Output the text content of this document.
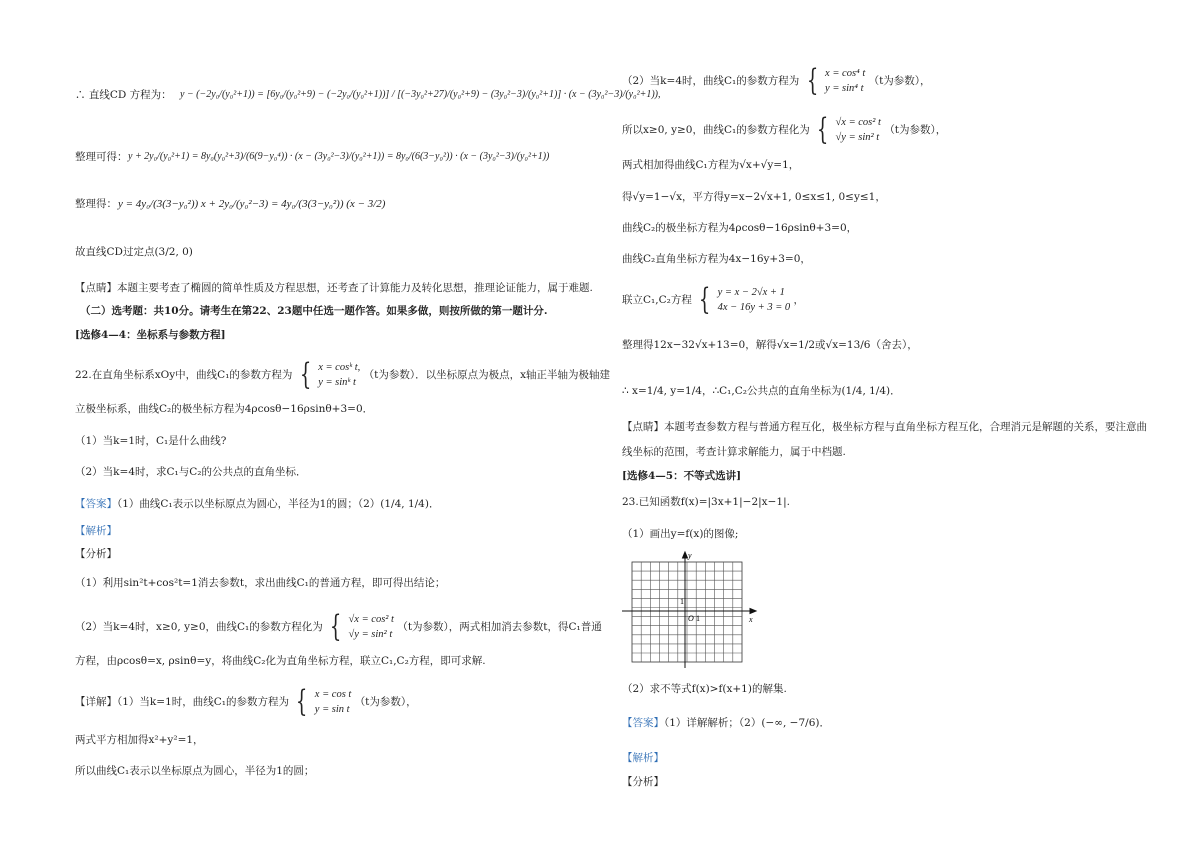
∴ 直线CD 方程为： y − (−2y₀/(y₀²+1)) = [6y₀/(y₀²+9) − (−2y₀/(y₀²+1))] / [(−3y₀²+27)/(y₀²+9) − (3y₀²−3)/(y₀²+1)] · (x − (3y₀²−3)/(y₀²+1)),
整理可得： y + 2y₀/(y₀²+1) = 8y₀(y₀²+3)/(6(9−y₀⁴)) · (x − (3y₀²−3)/(y₀²+1)) = 8y₀/(6(3−y₀²)) · (x − (3y₀²−3)/(y₀²+1))
整理得： y = 4y₀/(3(3−y₀²)) x + 2y₀/(y₀²−3) = 4y₀/(3(3−y₀²)) (x − 3/2)
故直线CD过定点(3/2, 0)
【点睛】本题主要考查了椭圆的简单性质及方程思想，还考查了计算能力及转化思想，推理论证能力，属于难题.
（二）选考题：共10分。请考生在第22、23题中任选一题作答。如果多做，则按所做的第一题计分.
[选修4—4：坐标系与参数方程]
22.在直角坐标系xOy中，曲线C₁的参数方程为 { x = cosᵏ t,
y = sinᵏ t
（t为参数）．以坐标原点为极点，x轴正半轴为极轴建
立极坐标系，曲线C₂的极坐标方程为4ρcosθ−16ρsinθ+3=0．
（1）当k=1时，C₁是什么曲线?
（2）当k=4时，求C₁与C₂的公共点的直角坐标．
【答案】（1）曲线C₁表示以坐标原点为圆心，半径为1的圆；（2）(1/4, 1/4)．
【解析】
【分析】
（1）利用sin²t+cos²t=1消去参数t，求出曲线C₁的普通方程，即可得出结论；
（2）当k=4时，x≥0, y≥0，曲线C₁的参数方程化为 { √x = cos² t
√y = sin² t
（t为参数），两式相加消去参数t，得C₁普通
方程，由ρcosθ=x, ρsinθ=y，将曲线C₂化为直角坐标方程，联立C₁,C₂方程，即可求解.
【详解】（1）当k=1时，曲线C₁的参数方程为 { x = cos t
y = sin t
（t为参数），
两式平方相加得x²+y²=1，
所以曲线C₁表示以坐标原点为圆心，半径为1的圆；
（2）当k=4时，曲线C₁的参数方程为 { x = cos⁴ t
y = sin⁴ t
（t为参数），
所以x≥0, y≥0，曲线C₁的参数方程化为 { √x = cos² t
√y = sin² t
（t为参数），
两式相加得曲线C₁方程为√x+√y=1，
得√y=1−√x，平方得y=x−2√x+1, 0≤x≤1, 0≤y≤1，
曲线C₂的极坐标方程为4ρcosθ−16ρsinθ+3=0，
曲线C₂直角坐标方程为4x−16y+3=0，
联立C₁,C₂方程 { y = x − 2√x + 1
4x − 16y + 3 = 0
，
整理得12x−32√x+13=0，解得√x=1/2或√x=13/6（舍去），
∴ x=1/4, y=1/4，∴C₁,C₂公共点的直角坐标为(1/4, 1/4)．
【点睛】本题考查参数方程与普通方程互化，极坐标方程与直角坐标方程互化，合理消元是解题的关系，要注意曲
线坐标的范围，考查计算求解能力，属于中档题.
[选修4—5：不等式选讲]
23.已知函数f(x)=|3x+1|−2|x−1|.
（1）画出y=f(x)的图像;
y
x
O 1
1
（2）求不等式f(x)>f(x+1)的解集.
【答案】（1）详解解析；（2）(−∞, −7/6)．
【解析】
【分析】
